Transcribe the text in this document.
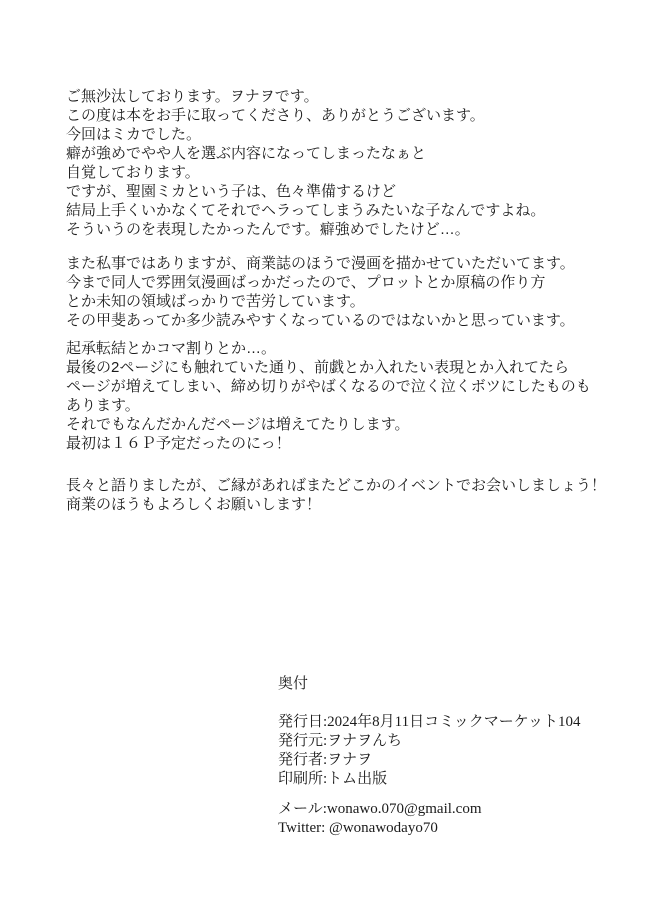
ご無沙汰しております。ヲナヲです。
この度は本をお手に取ってくださり、ありがとうございます。
今回はミカでした。
癖が強めでやや人を選ぶ内容になってしまったなぁと
自覚しております。
ですが、聖園ミカという子は、色々準備するけど
結局上手くいかなくてそれでヘラってしまうみたいな子なんですよね。
そういうのを表現したかったんです。癖強めでしたけど…。
また私事ではありますが、商業誌のほうで漫画を描かせていただいてます。
今まで同人で雰囲気漫画ばっかだったので、プロットとか原稿の作り方
とか未知の領域ばっかりで苦労しています。
その甲斐あってか多少読みやすくなっているのではないかと思っています。
起承転結とかコマ割りとか…。
最後の2ページにも触れていた通り、前戯とか入れたい表現とか入れてたら
ページが増えてしまい、締め切りがやばくなるので泣く泣くボツにしたものも
あります。
それでもなんだかんだページは増えてたりします。
最初は１６Ｐ予定だったのにっ！
長々と語りましたが、ご縁があればまたどこかのイベントでお会いしましょう！
商業のほうもよろしくお願いします！
奥付
発行日:2024年8月11日コミックマーケット104
発行元:ヲナヲんち
発行者:ヲナヲ
印刷所:トム出版
メール:wonawo.070@gmail.com
Twitter: @wonawodayo70
